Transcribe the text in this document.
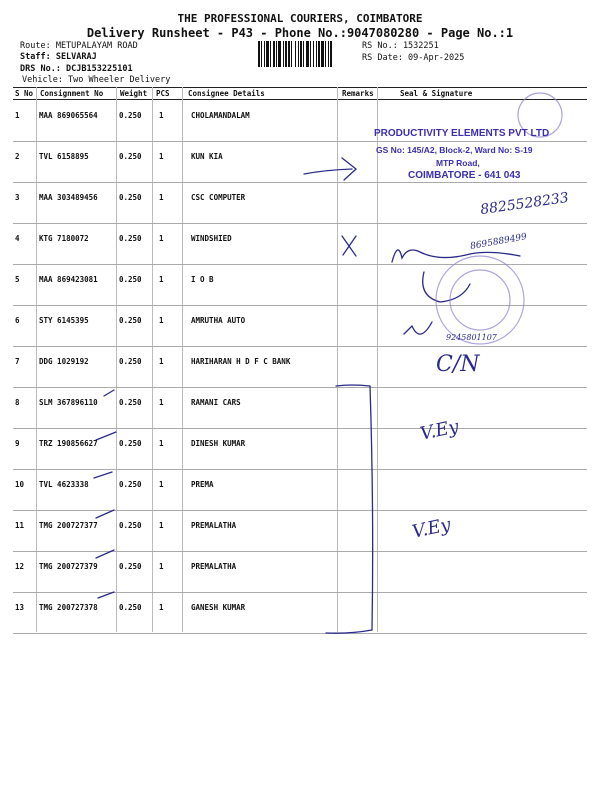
THE PROFESSIONAL COURIERS, COIMBATORE
Delivery Runsheet - P43 - Phone No.:9047080280 - Page No.:1
Route: METUPALAYAM ROAD
Staff: SELVARAJ
DRS No.: DCJB153225101
Vehicle: Two Wheeler Delivery
RS No.: 1532251
RS Date: 09-Apr-2025
S No Consignment No Weight PCS Consignee Details	Remarks	Seal & Signature
1	MAA 869065564	0.250 1	CHOLAMANDALAM
2	TVL 6158895	0.250 1	KUN KIA
3	MAA 303489456	0.250 1	CSC COMPUTER
4	KTG 7180072	0.250 1	WINDSHIED
5	MAA 869423081	0.250 1	I O B
6	STY 6145395	0.250 1	AMRUTHA AUTO
7	DDG 1029192	0.250 1	HARIHARAN H D F C BANK
8	SLM 367896110	0.250 1	RAMANI CARS
9	TRZ 190856627	0.250 1	DINESH KUMAR
10 TVL 4623338	0.250 1	PREMA
11 TMG 200727377	0.250 1	PREMALATHA
12 TMG 200727379	0.250 1	PREMALATHA
13 TMG 200727378	0.250 1	GANESH KUMAR
PRODUCTIVITY ELEMENTS PVT LTD
GS No: 145/A2, Block-2, Ward No: S-19
MTP Road,
COIMBATORE - 641 043
8825528233
8695889499
9245801107
C/N
V.Ey
V.Ey
